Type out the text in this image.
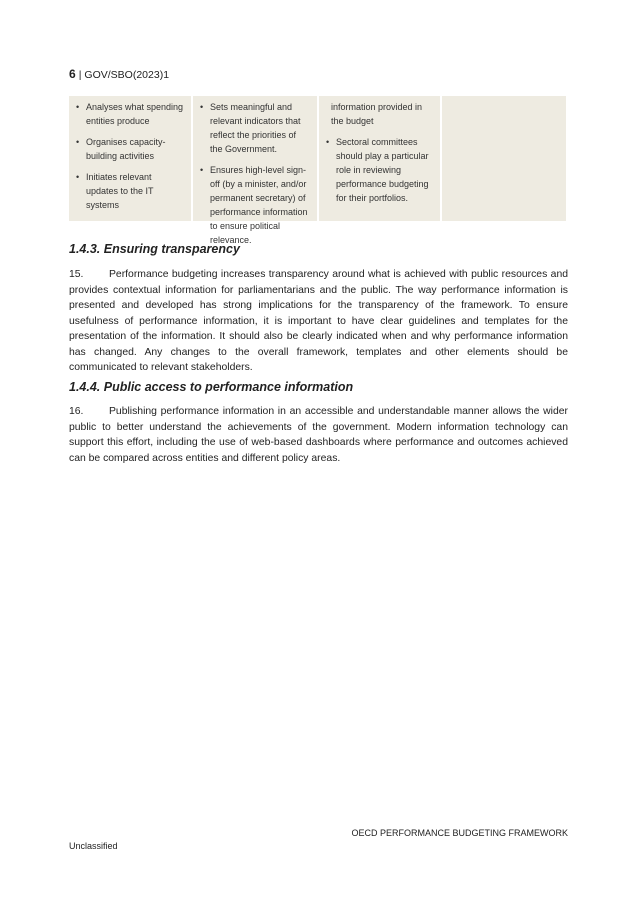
6 | GOV/SBO(2023)1
• Analyses what spending entities produce
• Organises capacity-building activities
• Initiates relevant updates to the IT systems
• Sets meaningful and relevant indicators that reflect the priorities of the Government.
• Ensures high-level sign-off (by a minister, and/or permanent secretary) of performance information to ensure political relevance.
information provided in the budget
• Sectoral committees should play a particular role in reviewing performance budgeting for their portfolios.
1.4.3. Ensuring transparency
15. Performance budgeting increases transparency around what is achieved with public resources and provides contextual information for parliamentarians and the public. The way performance information is presented and developed has strong implications for the transparency of the framework. To ensure usefulness of performance information, it is important to have clear guidelines and templates for the presentation of the information. It should also be clearly indicated when and why performance information has changed. Any changes to the overall framework, templates and other elements should be communicated to relevant stakeholders.
1.4.4. Public access to performance information
16. Publishing performance information in an accessible and understandable manner allows the wider public to better understand the achievements of the government. Modern information technology can support this effort, including the use of web-based dashboards where performance and outcomes achieved can be compared across entities and different policy areas.
OECD PERFORMANCE BUDGETING FRAMEWORK
Unclassified
